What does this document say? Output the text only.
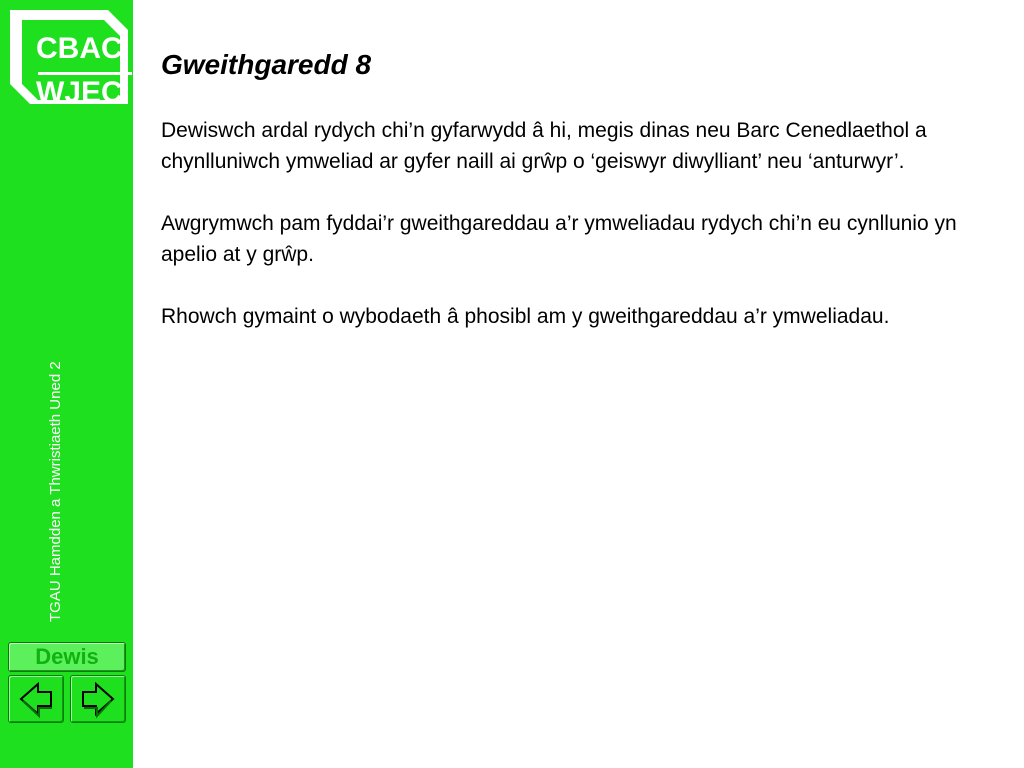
CBAC
WJEC
TGAU Hamdden a Thwristiaeth Uned 2
Dewis
Gweithgaredd 8

Dewiswch ardal rydych chi’n gyfarwydd â hi, megis dinas neu Barc Cenedlaethol a chynlluniwch ymweliad ar gyfer naill ai grŵp o ‘geiswyr diwylliant’ neu ‘anturwyr’.

Awgrymwch pam fyddai’r gweithgareddau a’r ymweliadau rydych chi’n eu cynllunio yn apelio at y grŵp.

Rhowch gymaint o wybodaeth â phosibl am y gweithgareddau a’r ymweliadau.
